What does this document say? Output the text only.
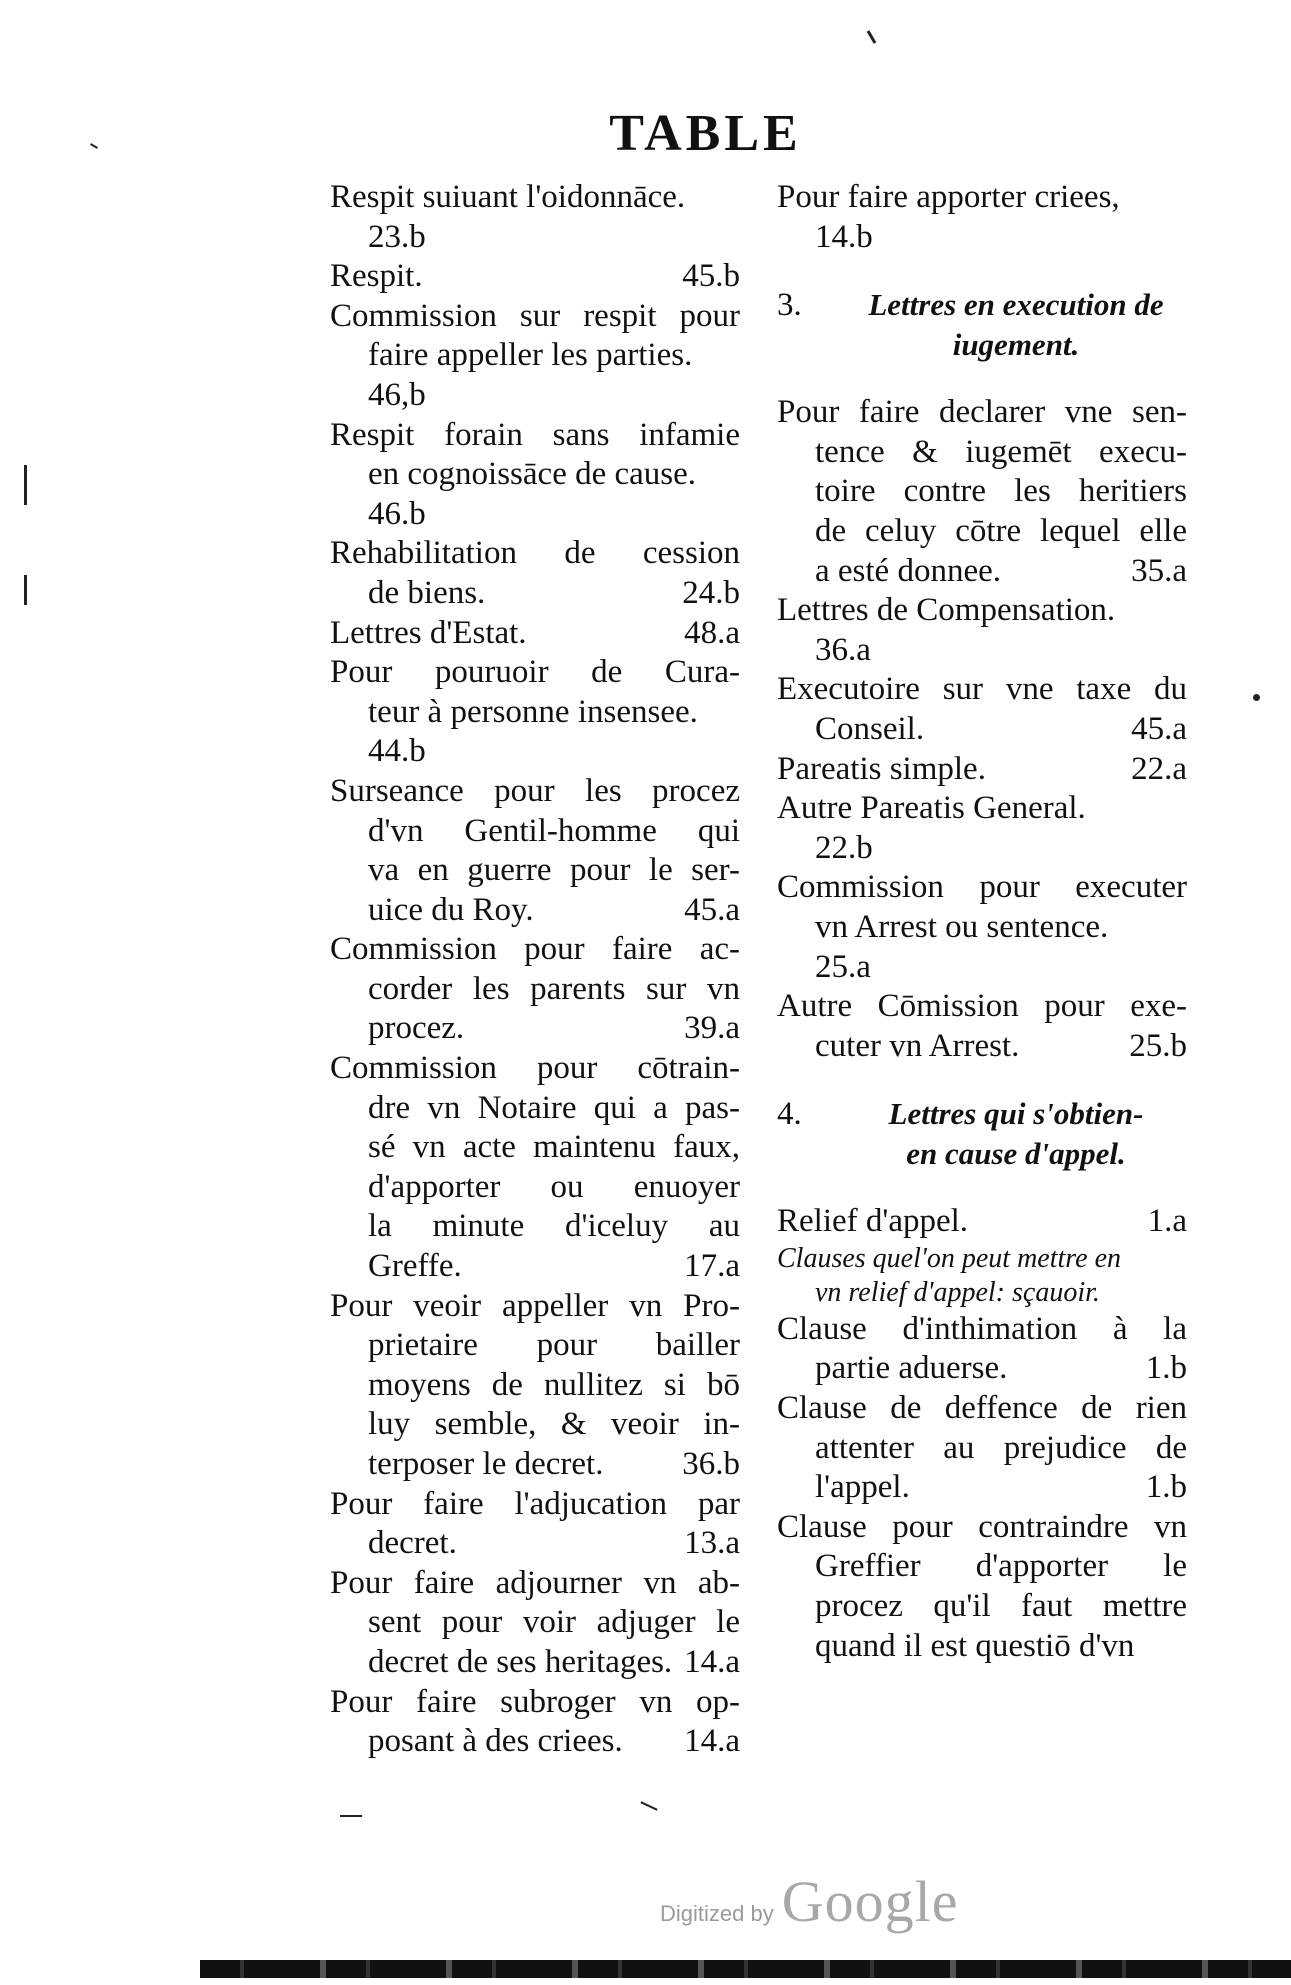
TABLE
Respit suiuant l'oidonnāce.
23.b
Respit.	45.b
Commission sur respit pour
faire appeller les parties.
46,b
Respit forain sans infamie
en cognoissāce de cause.
46.b
Rehabilitation de cession
de biens.	24.b
Lettres d'Estat.	48.a
Pour pouruoir de Cura-
teur à personne insensee.
44.b
Surseance pour les procez
d'vn Gentil-homme qui
va en guerre pour le ser-
uice du Roy.	45.a
Commission pour faire ac-
corder les parents sur vn
procez.	39.a
Commission pour cōtrain-
dre vn Notaire qui a pas-
sé vn acte maintenu faux,
d'apporter ou enuoyer
la minute d'iceluy au
Greffe.	17.a
Pour veoir appeller vn Pro-
prietaire pour bailler
moyens de nullitez si bō
luy semble, & veoir in-
terposer le decret. 36.b
Pour faire l'adjucation par
decret.	13.a
Pour faire adjourner vn ab-
sent pour voir adjuger le
decret de ses heritages. 14.a
Pour faire subroger vn op-
posant à des criees. 14.a
Pour faire apporter criees,
14.b
3.	Lettres en execution de
iugement.
Pour faire declarer vne sen-
tence & iugemēt execu-
toire contre les heritiers
de celuy cōtre lequel elle
a esté donnee.	35.a
Lettres de Compensation.
36.a
Executoire sur vne taxe du
Conseil.	45.a
Pareatis simple.	22.a
Autre Pareatis General.
22.b
Commission pour executer
vn Arrest ou sentence.
25.a
Autre Cōmission pour exe-
cuter vn Arrest.	25.b
4.	Lettres qui s'obtien-
en cause d'appel.
Relief d'appel.	1.a
Clauses quel'on peut mettre en
vn relief d'appel: sçauoir.
Clause d'inthimation à la
partie aduerse.	1.b
Clause de deffence de rien
attenter au prejudice de
l'appel.	1.b
Clause pour contraindre vn
Greffier d'apporter le
procez qu'il faut mettre
quand il est questiō d'vn
Digitized by Google
